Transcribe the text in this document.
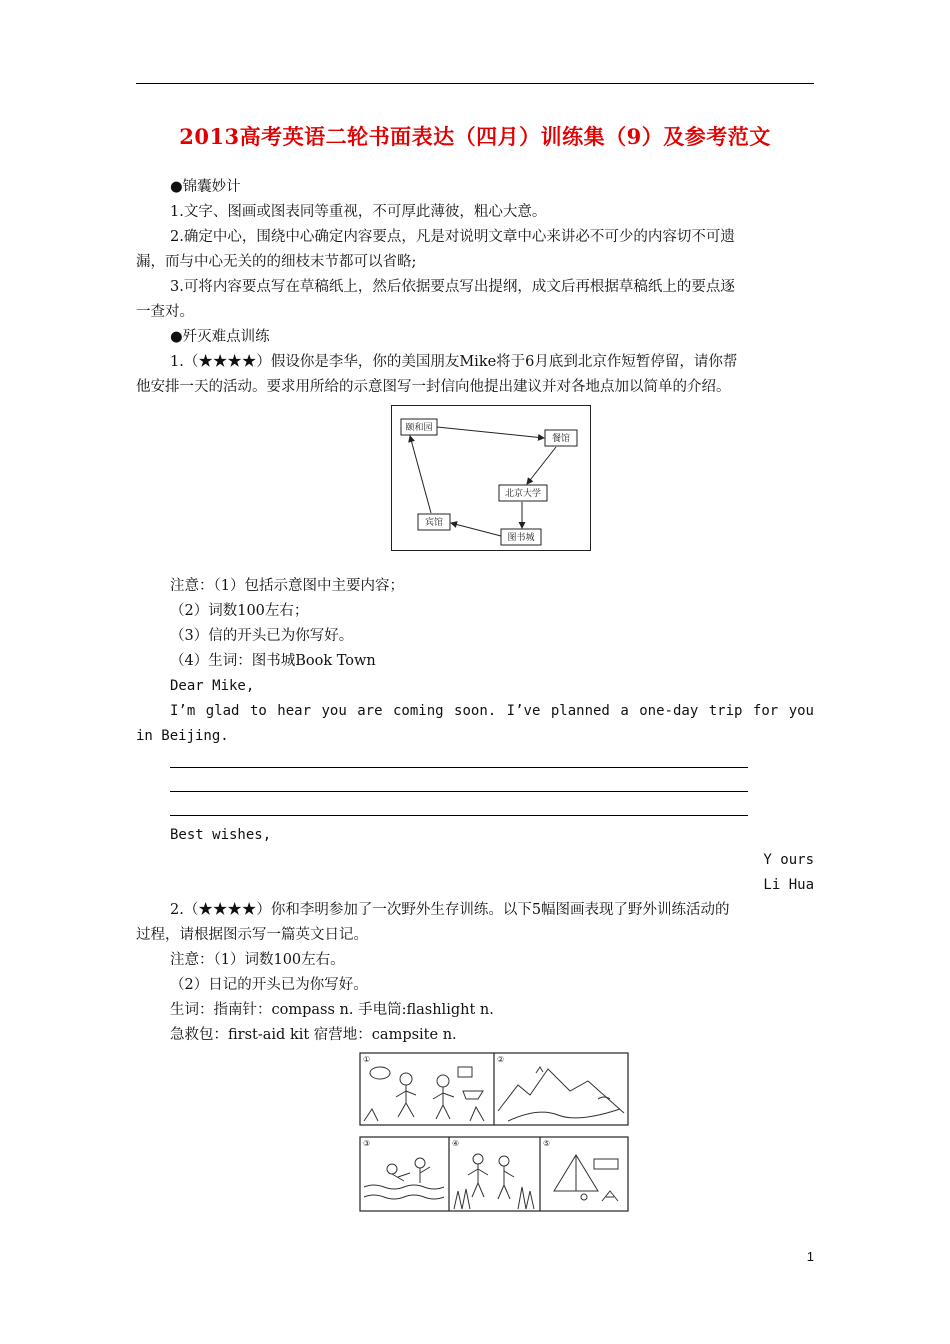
2013高考英语二轮书面表达（四月）训练集（9）及参考范文
●锦囊妙计
1.文字、图画或图表同等重视，不可厚此薄彼，粗心大意。
2.确定中心，围绕中心确定内容要点，凡是对说明文章中心来讲必不可少的内容切不可遗
漏，而与中心无关的的细枝末节都可以省略;
3.可将内容要点写在草稿纸上，然后依据要点写出提纲，成文后再根据草稿纸上的要点逐
一查对。
●歼灭难点训练
1.（★★★★）假设你是李华，你的美国朋友Mike将于6月底到北京作短暂停留，请你帮
他安排一天的活动。要求用所给的示意图写一封信向他提出建议并对各地点加以简单的介绍。
颐和园
餐馆
北京大学
宾馆
图书城
注意：（1）包括示意图中主要内容；
（2）词数100左右；
（3）信的开头已为你写好。
（4）生词：图书城Book Town
Dear Mike,
I’m glad to hear you are coming soon. I’ve planned a one-day trip for you
in Beijing.
Best wishes,
Y ours
Li Hua
2.（★★★★）你和李明参加了一次野外生存训练。以下5幅图画表现了野外训练活动的
过程，请根据图示写一篇英文日记。
注意：（1）词数100左右。
（2）日记的开头已为你写好。
生词：指南针：compass n. 手电筒:flashlight n.
急救包：first-aid kit 宿营地：campsite n.
①	②
③	④	⑤
1
